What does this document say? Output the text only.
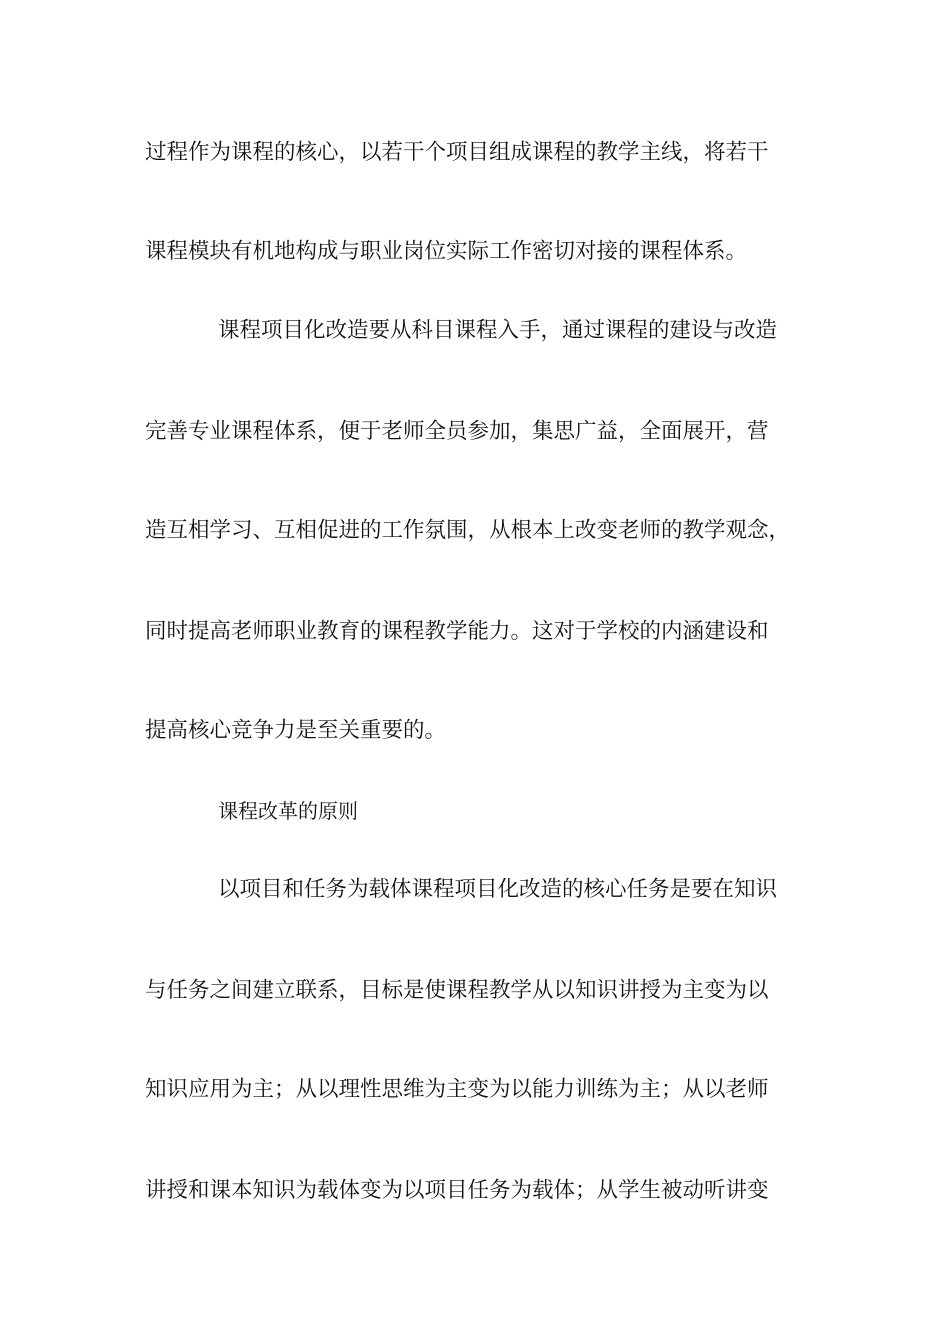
过程作为课程的核心，以若干个项目组成课程的教学主线，将若干
课程模块有机地构成与职业岗位实际工作密切对接的课程体系。
课程项目化改造要从科目课程入手，通过课程的建设与改造
完善专业课程体系，便于老师全员参加，集思广益，全面展开，营
造互相学习、互相促进的工作氛围，从根本上改变老师的教学观念，
同时提高老师职业教育的课程教学能力。这对于学校的内涵建设和
提高核心竞争力是至关重要的。
课程改革的原则
以项目和任务为载体课程项目化改造的核心任务是要在知识
与任务之间建立联系，目标是使课程教学从以知识讲授为主变为以
知识应用为主；从以理性思维为主变为以能力训练为主；从以老师
讲授和课本知识为载体变为以项目任务为载体；从学生被动听讲变
